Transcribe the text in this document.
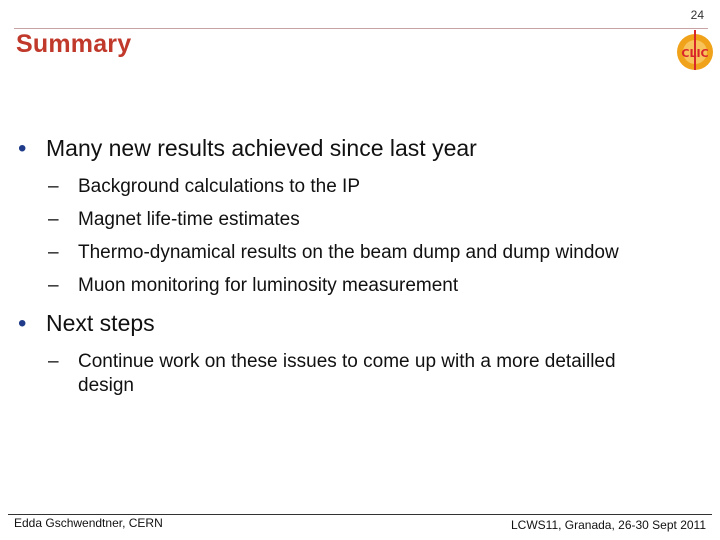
24
Summary	CLIC
• Many new results achieved since last year
–	Background calculations to the IP
–	Magnet life-time estimates
–	Thermo-dynamical results on the beam dump and dump window
–	Muon monitoring for luminosity measurement
• Next steps
–	Continue work on these issues to come up with a more detailled design
Edda Gschwendtner, CERN	LCWS11, Granada, 26-30 Sept 2011
